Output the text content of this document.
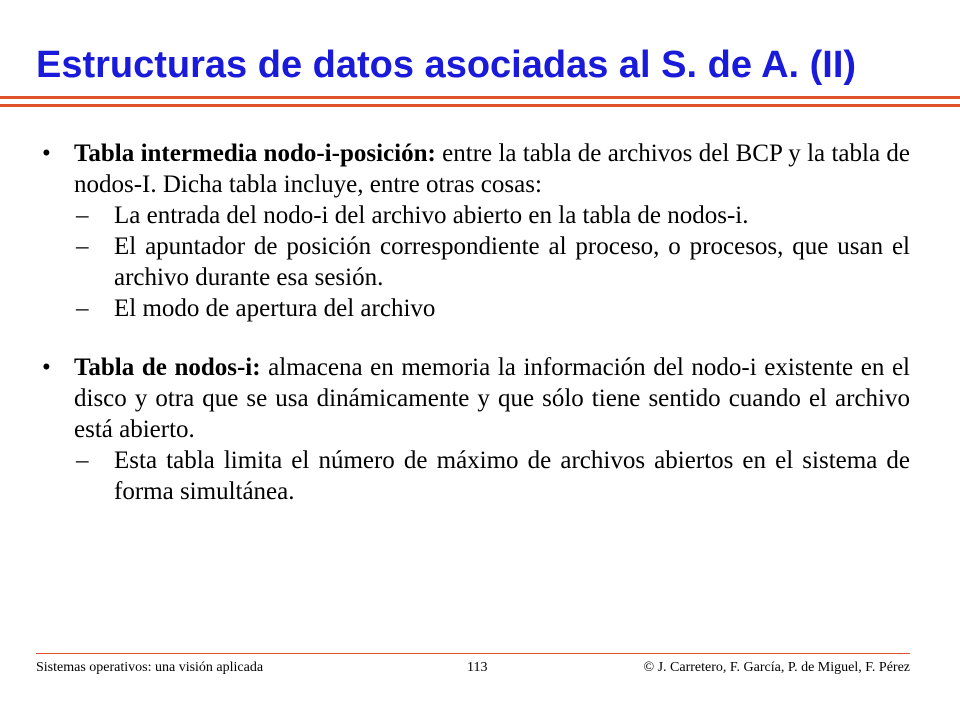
Estructuras de datos asociadas al S. de A. (II)
• Tabla intermedia nodo-i-posición: entre la tabla de archivos del BCP y la tabla de nodos-I. Dicha tabla incluye, entre otras cosas:
–	La entrada del nodo-i del archivo abierto en la tabla de nodos-i.
–	El apuntador de posición correspondiente al proceso, o procesos, que usan el archivo durante esa sesión.
–	El modo de apertura del archivo
• Tabla de nodos-i: almacena en memoria la información del nodo-i existente en el disco y otra que se usa dinámicamente y que sólo tiene sentido cuando el archivo está abierto.
–	Esta tabla limita el número de máximo de archivos abiertos en el sistema de forma simultánea.
Sistemas operativos: una visión aplicada	113	© J. Carretero, F. García, P. de Miguel, F. Pérez
